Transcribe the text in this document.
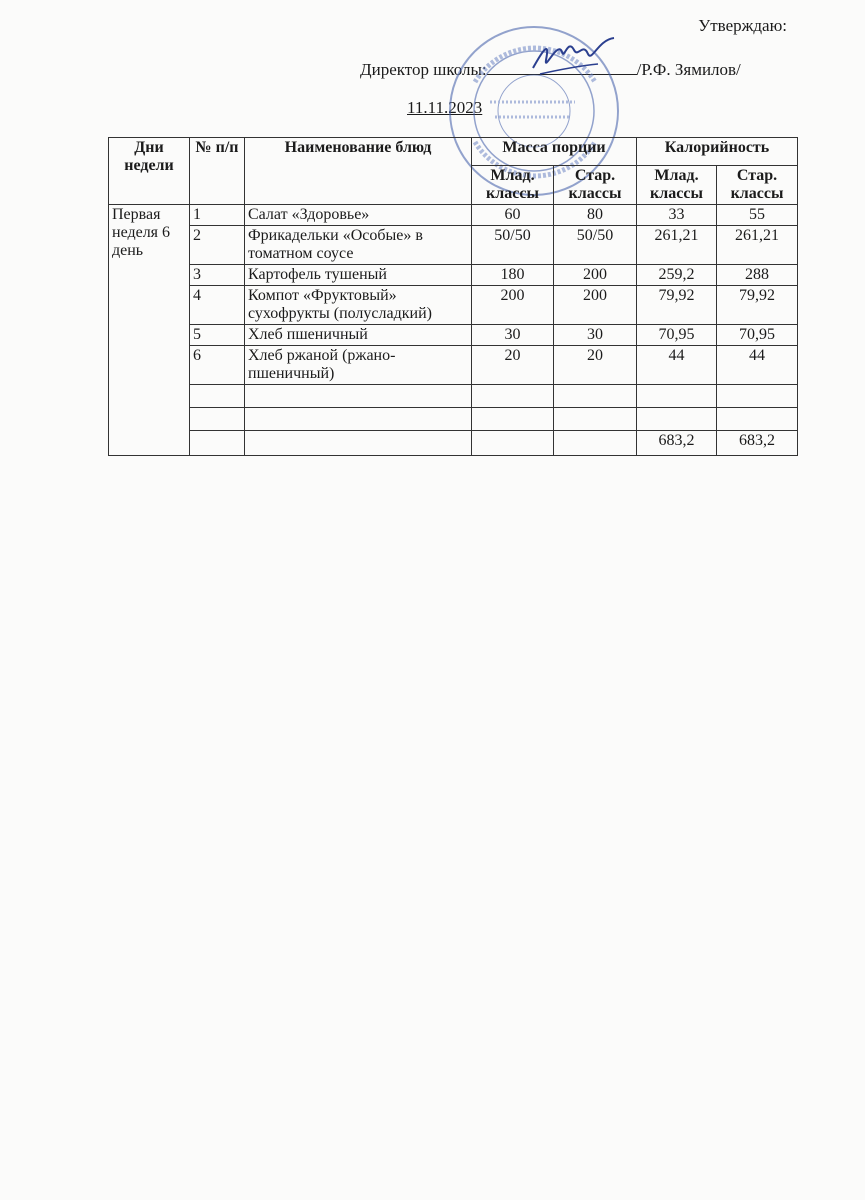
Утверждаю:
Директор школы:	/Р.Ф. Зямилов/
11.11.2023
Дни недели	№ п/п	Наименование блюд	Масса порции		Калорийность	
			Млад. классы	Стар. классы	Млад. классы	Стар. классы
Первая неделя 6 день	1	Салат «Здоровье»	60	80	33	55
	2	Фрикадельки «Особые» в томатном соусе	50/50	50/50	261,21	261,21
	3	Картофель тушеный	180	200	259,2	288
	4	Компот «Фруктовый» сухофрукты (полусладкий)	200	200	79,92	79,92
	5	Хлеб пшеничный	30	30	70,95	70,95
	6	Хлеб ржаной (ржано-пшеничный)	20	20	44	44

					683,2	683,2
